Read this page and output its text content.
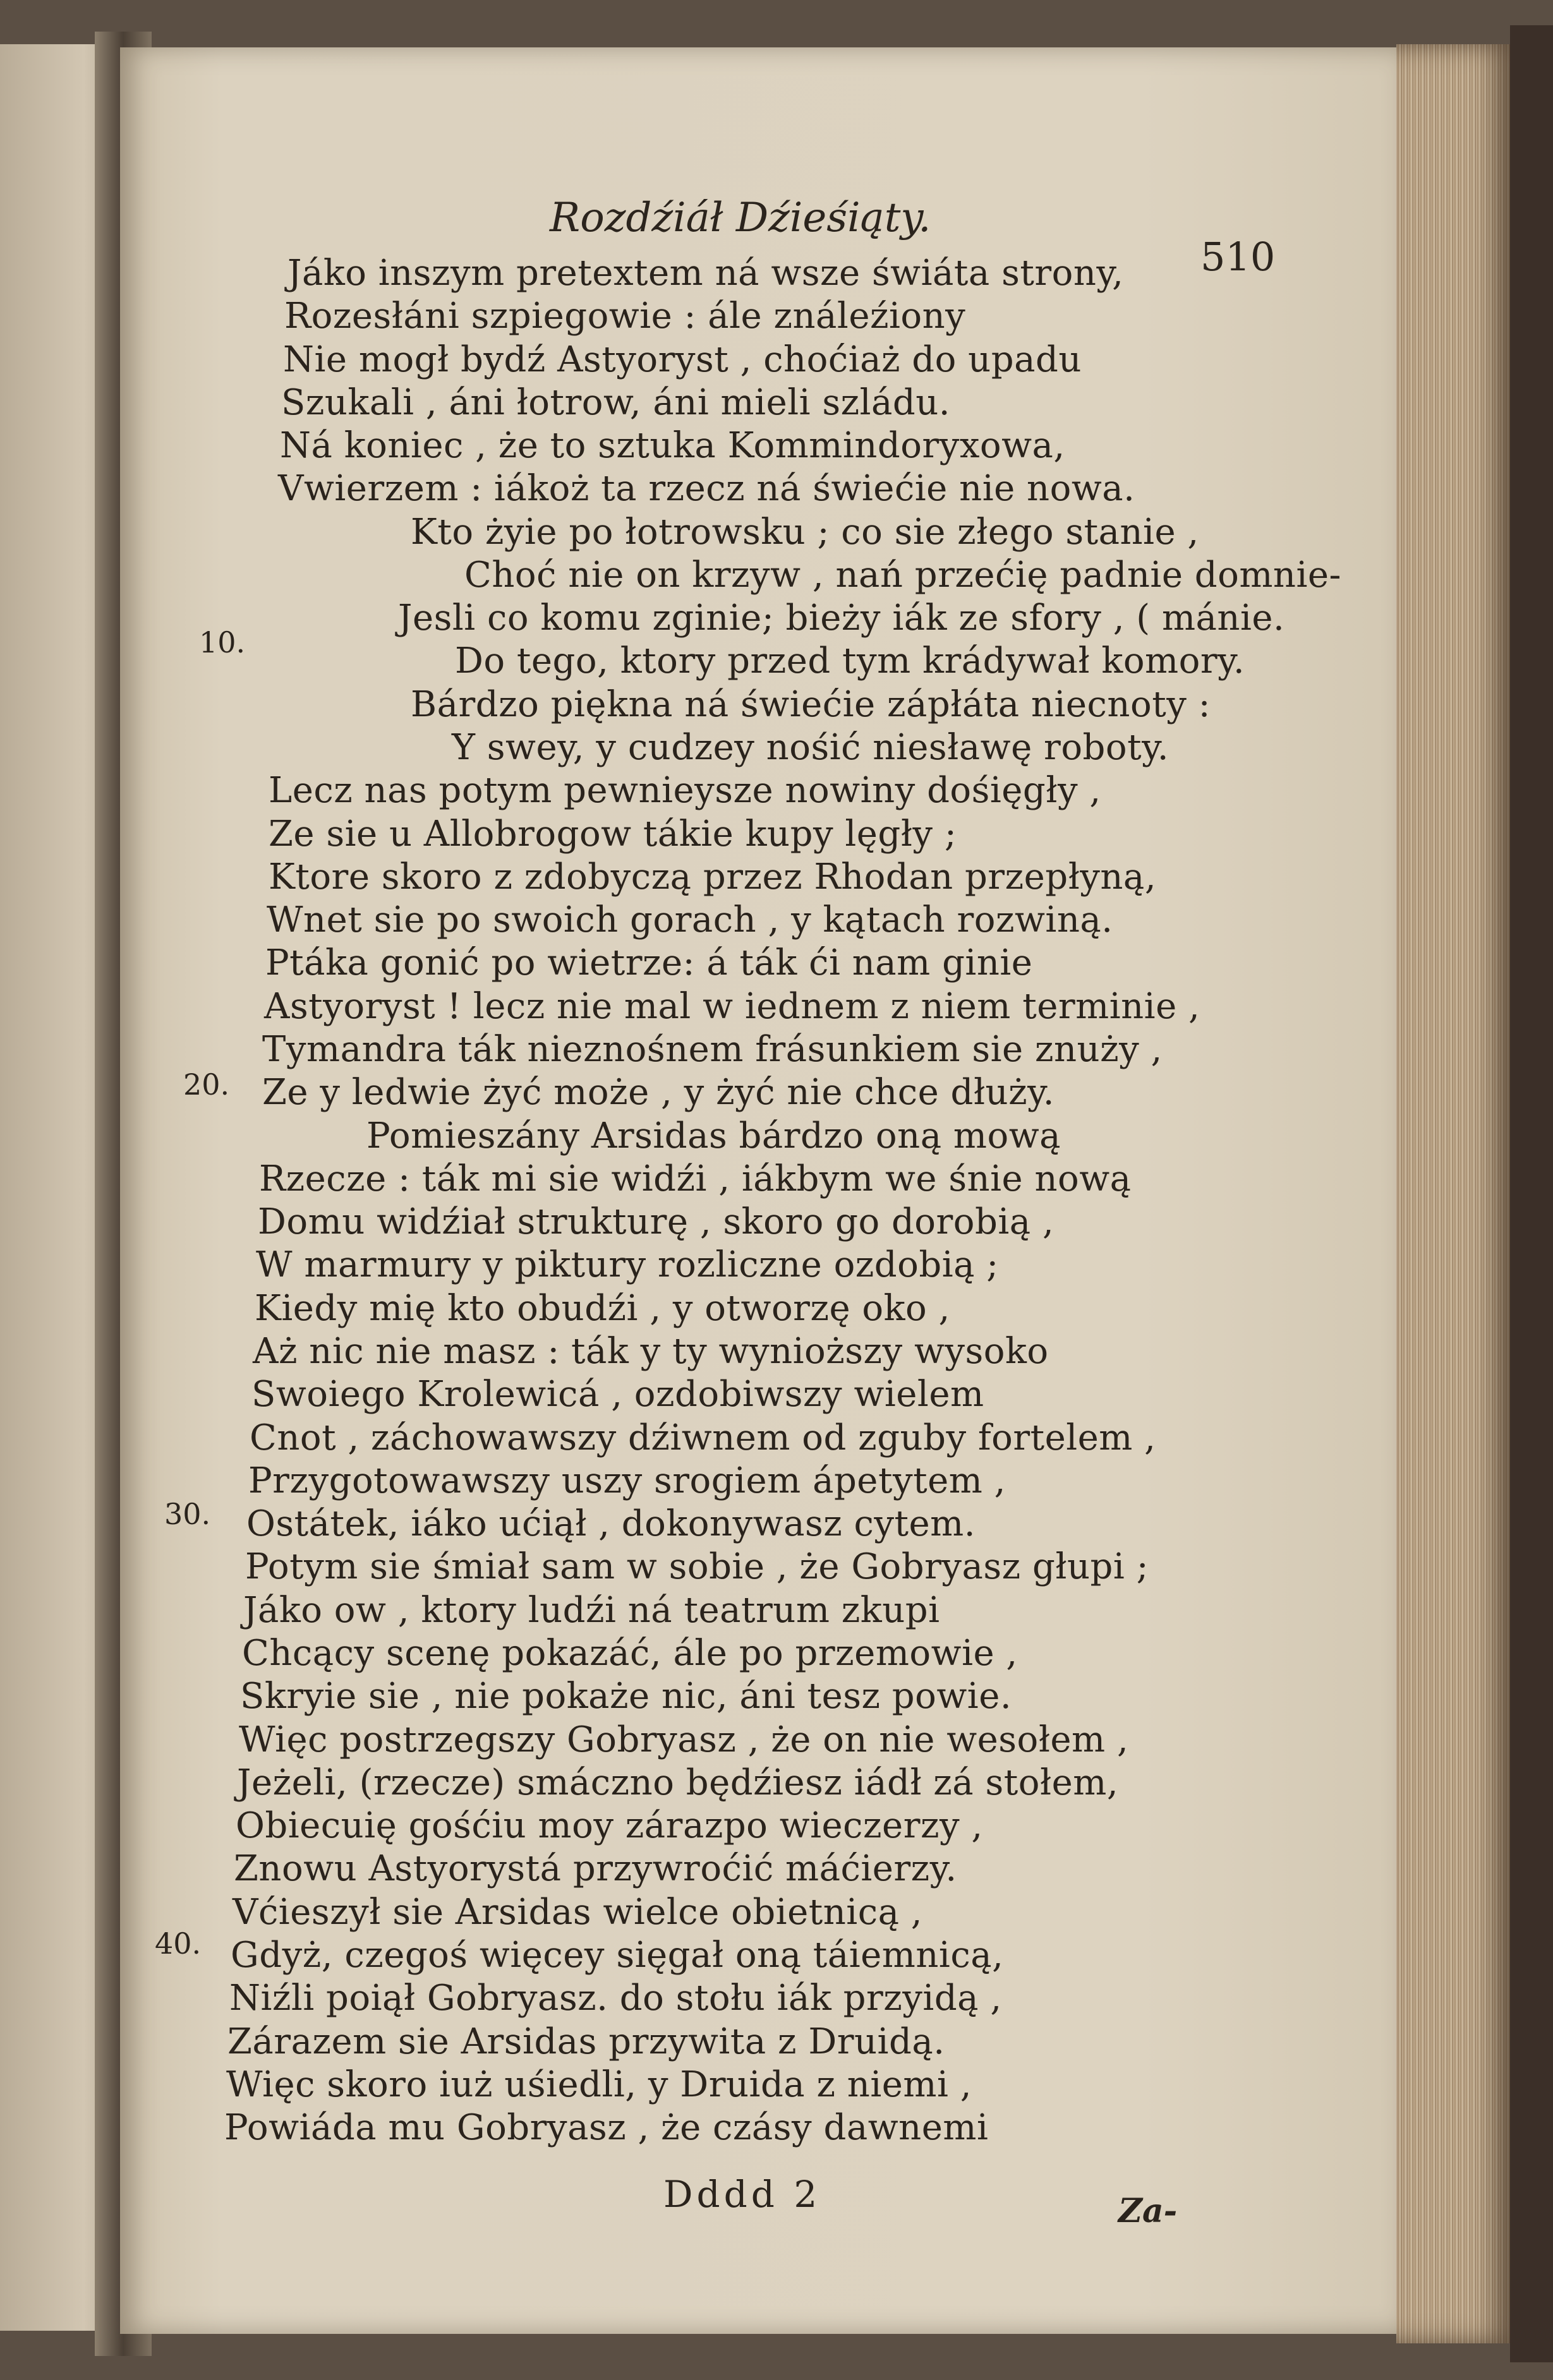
Rozdźiáł Dźieśiąty.
510
Jáko inszym pretextem ná wsze świáta strony,
Rozesłáni szpiegowie : ále ználeźiony
Nie mogł bydź Astyoryst , choćiaż do upadu
Szukali , áni łotrow, áni mieli szládu.
Ná koniec , że to sztuka Kommindoryxowa,
Vwierzem : iákoż ta rzecz ná świećie nie nowa.
Kto żyie po łotrowsku ; co sie złego stanie ,
Choć nie on krzyw , nań przećię padnie domnie-
Jesli co komu zginie; bieży iák ze sfory , ( mánie.
Do tego, ktory przed tym krádywał komory.
Bárdzo piękna ná świećie zápłáta niecnoty :
Y swey, y cudzey nośić niesławę roboty.
Lecz nas potym pewnieysze nowiny dośięgły ,
Ze sie u Allobrogow tákie kupy lęgły ;
Ktore skoro z zdobyczą przez Rhodan przepłyną,
Wnet sie po swoich gorach , y kątach rozwiną.
Ptáka gonić po wietrze: á ták ći nam ginie
Astyoryst ! lecz nie mal w iednem z niem terminie ,
Tymandra ták nieznośnem frásunkiem sie znuży ,
Ze y ledwie żyć może , y żyć nie chce dłuży.
Pomieszány Arsidas bárdzo oną mową
Rzecze : ták mi sie widźi , iákbym we śnie nową
Domu widźiał strukturę , skoro go dorobią ,
W marmury y piktury rozliczne ozdobią ;
Kiedy mię kto obudźi , y otworzę oko ,
Aż nic nie masz : ták y ty wynioższy wysoko
Swoiego Krolewicá , ozdobiwszy wielem
Cnot , záchowawszy dźiwnem od zguby fortelem ,
Przygotowawszy uszy srogiem ápetytem ,
Ostátek, iáko ućiął , dokonywasz cytem.
Potym sie śmiał sam w sobie , że Gobryasz głupi ;
Jáko ow , ktory ludźi ná teatrum zkupi
Chcący scenę pokazáć, ále po przemowie ,
Skryie sie , nie pokaże nic, áni tesz powie.
Więc postrzegszy Gobryasz , że on nie wesołem ,
Jeżeli, (rzecze) smáczno będźiesz iádł zá stołem,
Obiecuię gośćiu moy zárazpo wieczerzy ,
Znowu Astyorystá przywroćić máćierzy.
Vćieszył sie Arsidas wielce obietnicą ,
Gdyż, czegoś więcey sięgał oną táiemnicą,
Niźli poiął Gobryasz. do stołu iák przyidą ,
Zárazem sie Arsidas przywita z Druidą.
Więc skoro iuż uśiedli, y Druida z niemi ,
Powiáda mu Gobryasz , że czásy dawnemi
10.
20.
30.
40.
Dddd 2	Za-
